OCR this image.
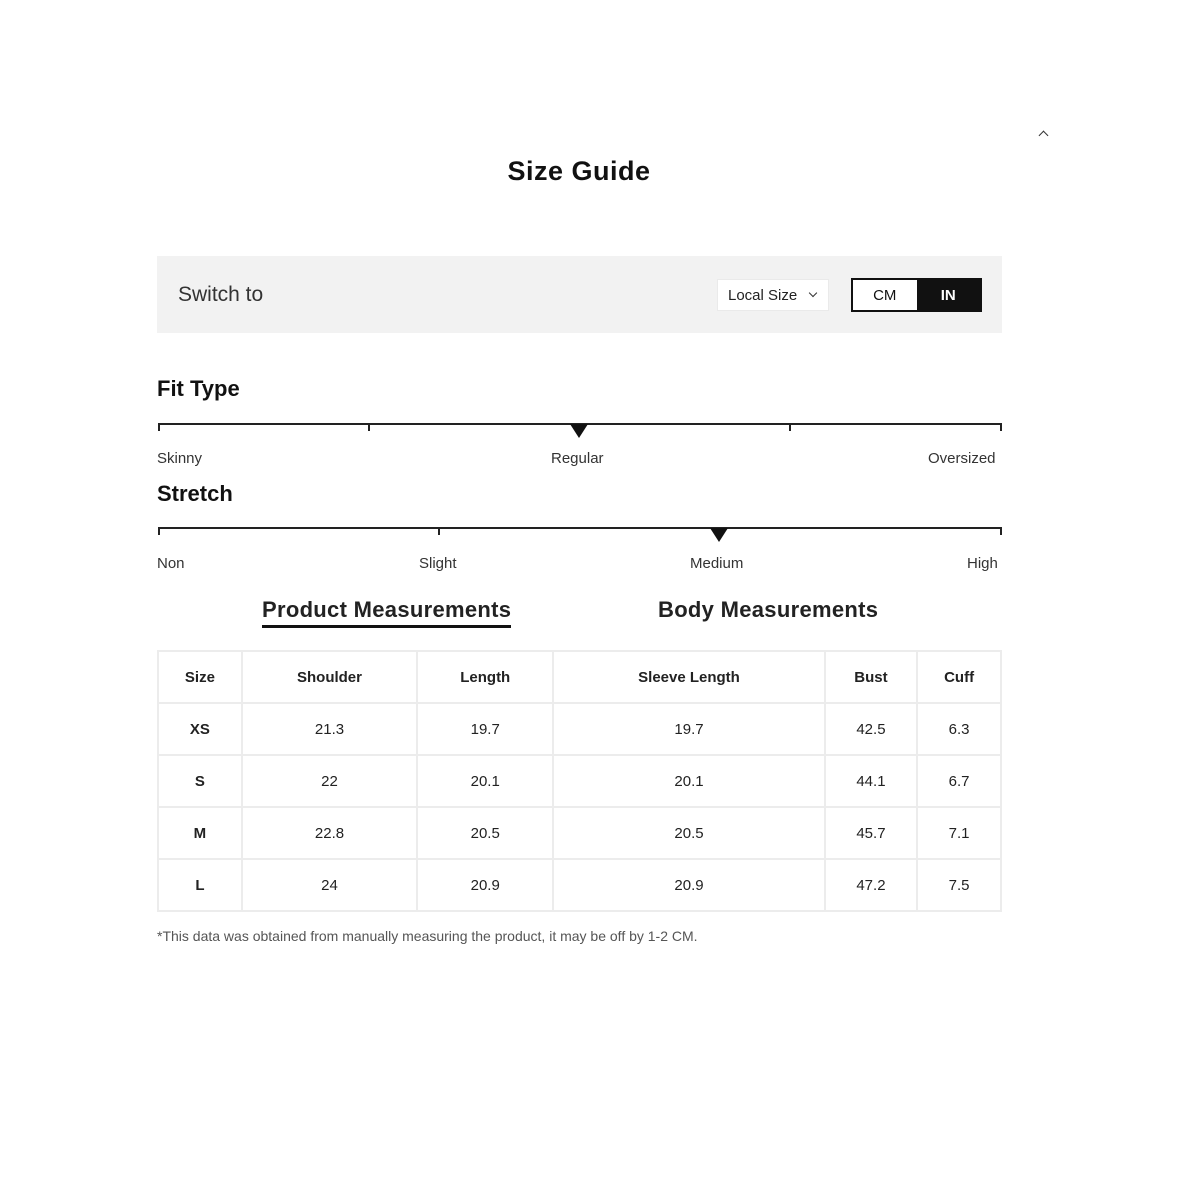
Size Guide
Switch to	Local Size	CM	IN
Fit Type
Skinny	Regular	Oversized
Stretch
Non	Slight	Medium	High
Product Measurements	Body Measurements
Size	Shoulder	Length	Sleeve Length	Bust	Cuff
XS	21.3	19.7	19.7	42.5	6.3
S	22	20.1	20.1	44.1	6.7
M	22.8	20.5	20.5	45.7	7.1
L	24	20.9	20.9	47.2	7.5

*This data was obtained from manually measuring the product, it may be off by 1-2 CM.
